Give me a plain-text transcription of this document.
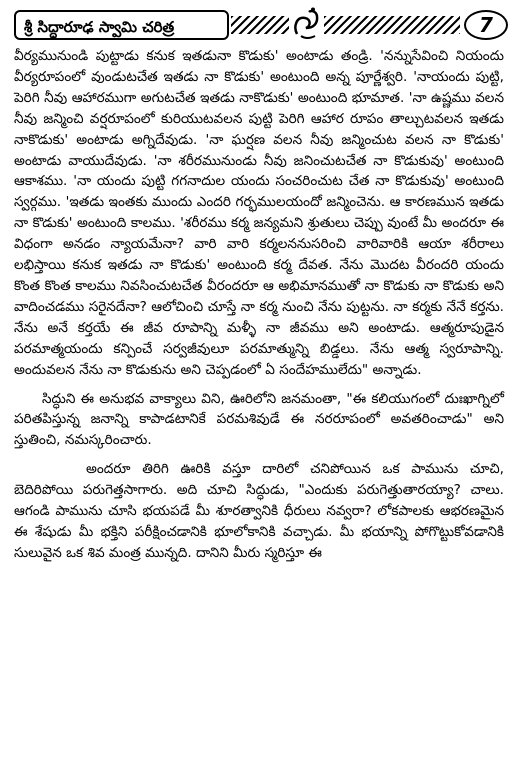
శ్రీ సిద్ధారూఢ స్వామి చరిత్ర	7

వీర్యమునుండి పుట్టాడు కనుక ఇతడునా కొడుకు' అంటాడు తండ్రి. 'నన్నుసేవించి నియందు వీర్యరూపంలో వుండుటచేత ఇతడు నా కొడుకు' అంటుంది అన్న పూర్ణేశ్వరి. 'నాయందు పుట్టి, పెరిగి నీవు ఆహారముగా అగుటచేత ఇతడు నాకొడుకు' అంటుంది భూమాత. 'నా ఉష్ణము వలన నీవు జన్మించి వర్షరూపంలో కురియుటవలన పుట్టి పెరిగి ఆహార రూపం తాల్చుటవలన ఇతడు నాకొడుకు' అంటాడు అగ్నిదేవుడు. 'నా ఘర్షణ వలన నీవు జన్మించుట వలన నా కొడుకు' అంటాడు వాయుదేవుడు. 'నా శరీరమునుండు నీవు జనించుటచేత నా కొడుకువు' అంటుంది ఆకాశము. 'నా యందు పుట్టి గగనాదుల యందు సంచరించుట చేత నా కొడుకువు' అంటుంది స్వర్గము. 'ఇతడు ఇంతకు ముందు ఎందరి గర్భములయందో జన్మించెను. ఆ కారణమున ఇతడు నా కొడుకు' అంటుంది కాలము. 'శరీరము కర్మ జన్యమని శ్రుతులు చెప్పు వుంటే మీ అందరూ ఈ విధంగా అనడం న్యాయమేనా? వారి వారి కర్మలననుసరించి వారివారికి ఆయా శరీరాలు లభిస్తాయి కనుక ఇతడు నా కొడుకు' అంటుంది కర్మ దేవత. నేను మొదట వీరందరి యందు కొంత కొంత కాలము నివసించుటచేత వీరందరూ ఆ అభిమానముతో నా కొడుకు నా కొడుకు అని వాదించడము సరైనదేనా? ఆలోచించి చూస్తే నా కర్మ నుంచి నేను పుట్టను. నా కర్మకు నేనే కర్తను. నేను అనే కర్తయే ఈ జీవ రూపాన్ని మళ్ళీ నా జీవము అని అంటాడు. ఆత్మరూపుడైన పరమాత్మయందు కన్పించే సర్వజీవులూ పరమాత్మున్ని బిడ్డలు. నేను ఆత్మ స్వరూపాన్ని. అందువలన నేను నా కొడుకును అని చెప్పడంలో ఏ సందేహములేదు" అన్నాడు.

సిద్ధుని ఈ అనుభవ వాక్యాలు విని, ఊరిలోని జనమంతా, "ఈ కలియుగంలో దుఃఖాగ్నిలో పరితపిస్తున్న జనాన్ని కాపాడటానికే పరమశివుడే ఈ నరరూపంలో అవతరించాడు" అని స్తుతించి, నమస్కరించారు.

అందరూ తిరిగి ఊరికి వస్తూ దారిలో చనిపోయిన ఒక పామును చూచి, బెదిరిపోయి పరుగెత్తసాగారు. అది చూచి సిద్ధుడు, "ఎందుకు పరుగెత్తుతారయ్యా? చాలు. ఆగండి పామును చూసి భయపడే మీ శూరత్వానికి ధీరులు నవ్వరా? లోకపాలకు ఆభరణమైన ఈ శేషుడు మీ భక్తిని పరీక్షించడానికి భూలోకానికి వచ్చాడు. మీ భయాన్ని పోగొట్టుకోవడానికి సులువైన ఒక శివ మంత్ర మున్నది. దానిని మీరు స్మరిస్తూ ఈ
